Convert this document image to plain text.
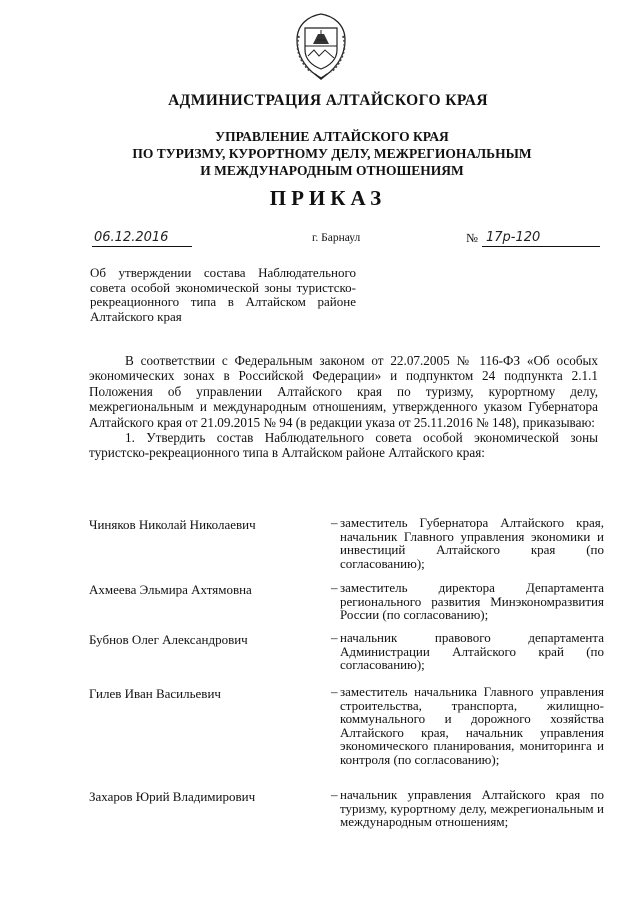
АДМИНИСТРАЦИЯ АЛТАЙСКОГО КРАЯ
УПРАВЛЕНИЕ АЛТАЙСКОГО КРАЯ
ПО ТУРИЗМУ, КУРОРТНОМУ ДЕЛУ, МЕЖРЕГИОНАЛЬНЫМ
И МЕЖДУНАРОДНЫМ ОТНОШЕНИЯМ
ПРИКАЗ
06.12.2016	г. Барнаул	№ 17р-120
Об утверждении состава Наблюдательного совета особой экономической зоны туристско-рекреационного типа в Алтайском районе Алтайского края

В соответствии с Федеральным законом от 22.07.2005 № 116-ФЗ «Об особых экономических зонах в Российской Федерации» и подпунктом 24 подпункта 2.1.1 Положения об управлении Алтайского края по туризму, курортному делу, межрегиональным и международным отношениям, утвержденного указом Губернатора Алтайского края от 21.09.2015 № 94 (в редакции указа от 25.11.2016 № 148), приказываю:

1. Утвердить состав Наблюдательного совета особой экономической зоны туристско-рекреационного типа в Алтайском районе Алтайского края:

Чиняков Николай Николаевич	– заместитель Губернатора Алтайского края, начальник Главного управления экономики и инвестиций Алтайского края (по согласованию);
Ахмеева Эльмира Ахтямовна	– заместитель директора Департамента регионального развития Минэкономразвития России (по согласованию);
Бубнов Олег Александрович	– начальник правового департамента Администрации Алтайского край (по согласованию);
Гилев Иван Васильевич	– заместитель начальника Главного управления строительства, транспорта, жилищно-коммунального и дорожного хозяйства Алтайского края, начальник управления экономического планирования, мониторинга и контроля (по согласованию);
Захаров Юрий Владимирович	– начальник управления Алтайского края по туризму, курортному делу, межрегиональным и международным отношениям;
